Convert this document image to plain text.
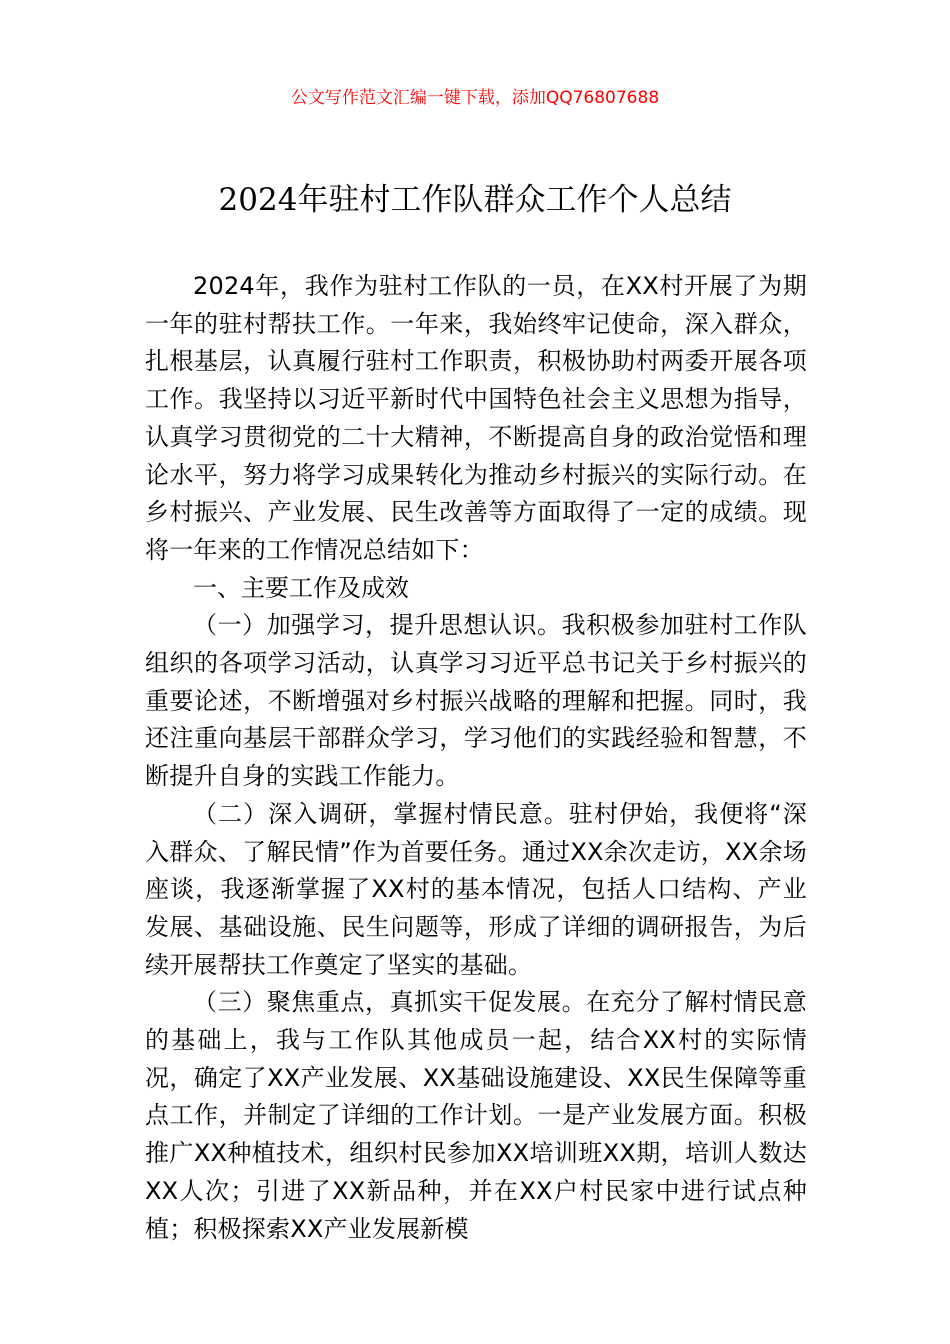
公文写作范文汇编一键下载，添加QQ76807688
2024年驻村工作队群众工作个人总结

2024年，我作为驻村工作队的一员，在XX村开展了为期一年的驻村帮扶工作。一年来，我始终牢记使命，深入群众，扎根基层，认真履行驻村工作职责，积极协助村两委开展各项工作。我坚持以习近平新时代中国特色社会主义思想为指导，认真学习贯彻党的二十大精神，不断提高自身的政治觉悟和理论水平，努力将学习成果转化为推动乡村振兴的实际行动。在乡村振兴、产业发展、民生改善等方面取得了一定的成绩。现将一年来的工作情况总结如下：

一、主要工作及成效

（一）加强学习，提升思想认识。我积极参加驻村工作队组织的各项学习活动，认真学习习近平总书记关于乡村振兴的重要论述，不断增强对乡村振兴战略的理解和把握。同时，我还注重向基层干部群众学习，学习他们的实践经验和智慧，不断提升自身的实践工作能力。

（二）深入调研，掌握村情民意。驻村伊始，我便将“深入群众、了解民情”作为首要任务。通过XX余次走访，XX余场座谈，我逐渐掌握了XX村的基本情况，包括人口结构、产业发展、基础设施、民生问题等，形成了详细的调研报告，为后续开展帮扶工作奠定了坚实的基础。

（三）聚焦重点，真抓实干促发展。在充分了解村情民意的基础上，我与工作队其他成员一起，结合XX村的实际情况，确定了XX产业发展、XX基础设施建设、XX民生保障等重点工作，并制定了详细的工作计划。一是产业发展方面。积极推广XX种植技术，组织村民参加XX培训班XX期，培训人数达XX人次；引进了XX新品种，并在XX户村民家中进行试点种植；积极探索XX产业发展新模
